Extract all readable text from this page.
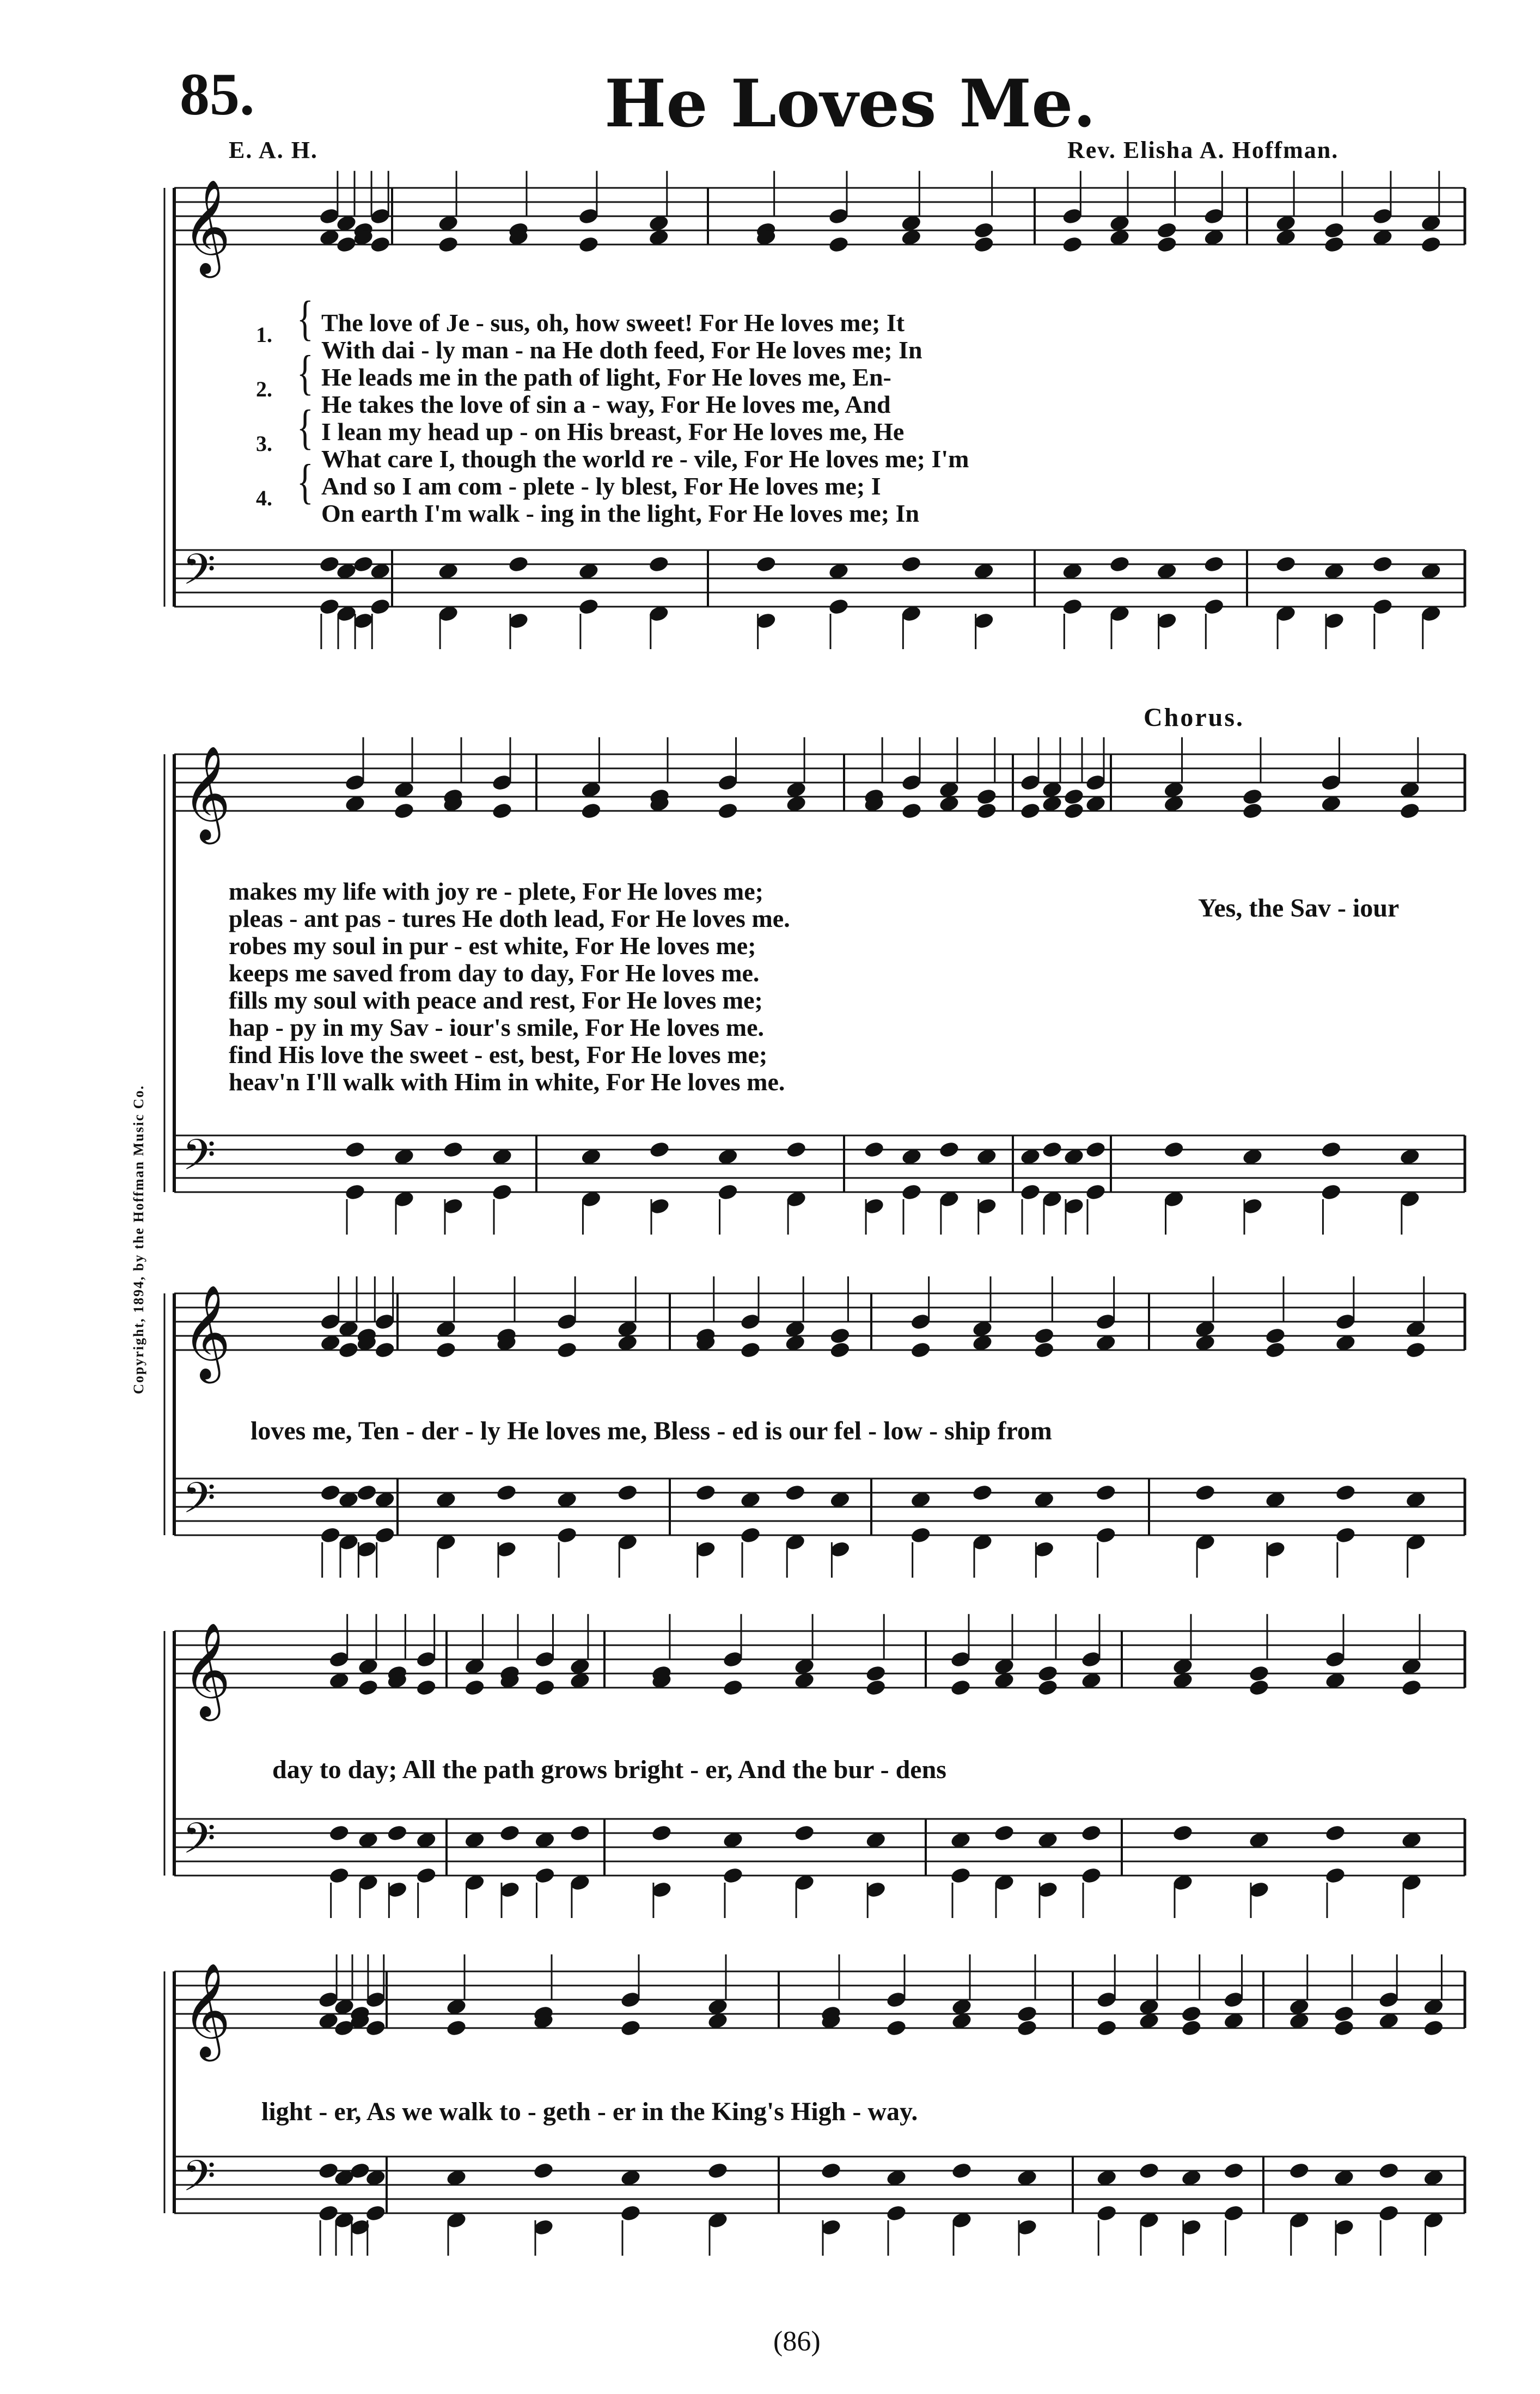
85.	He Loves Me.
E. A. H.	Rev. Elisha A. Hoffman.
𝄞
𝄢
𝄞
𝄢
𝄞
𝄢
𝄞
𝄢
𝄞
𝄢
1. The love of Je - sus, oh, how sweet! For He loves me; It
With dai - ly man - na He doth feed, For He loves me; In
2. He leads me in the path of light, For He loves me, En-
He takes the love of sin a - way, For He loves me, And
3. I lean my head up - on His breast, For He loves me, He
What care I, though the world re - vile, For He loves me; I'm
4. And so I am com - plete - ly blest, For He loves me; I
On earth I'm walk - ing in the light, For He loves me; In
{
{
{
{
makes my life with joy re - plete, For He loves me;
pleas - ant pas - tures He doth lead, For He loves me.
robes my soul in pur - est white, For He loves me;
keeps me saved from day to day, For He loves me.
fills my soul with peace and rest, For He loves me;
hap - py in my Sav - iour's smile, For He loves me.
find His love the sweet - est, best, For He loves me;
heav'n I'll walk with Him in white, For He loves me.
Chorus.
Yes, the Sav - iour
loves me, Ten - der - ly He loves me, Bless - ed is our fel - low - ship from
day to day; All the path grows bright - er, And the bur - dens
light - er, As we walk to - geth - er in the King's High - way.
Copyright, 1894, by the Hoffman Music Co.
(86)
